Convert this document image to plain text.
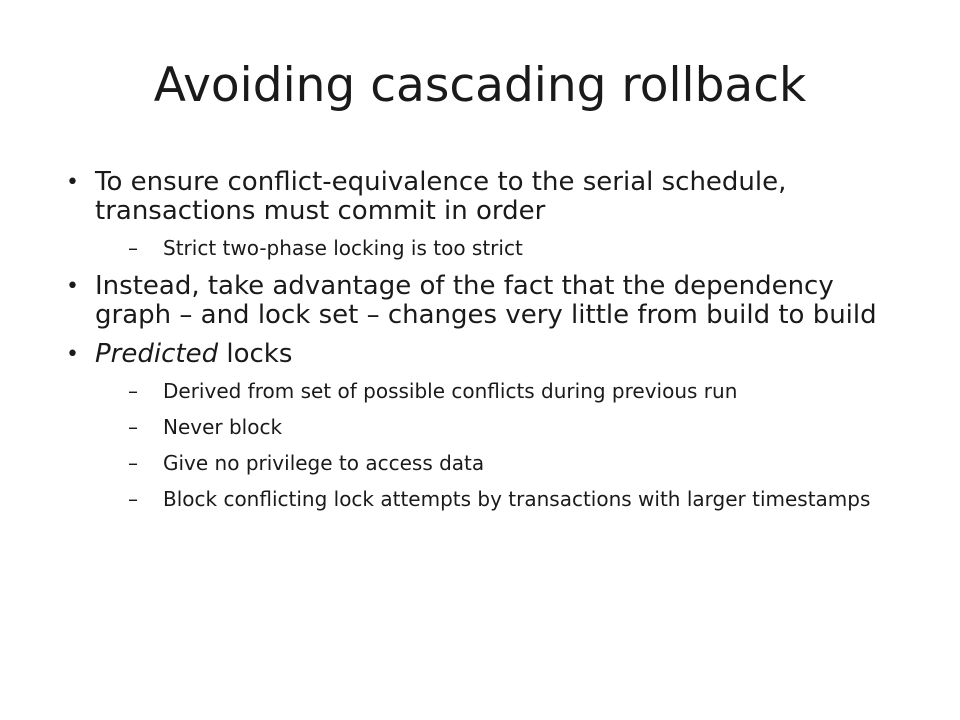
Avoiding cascading rollback
• To ensure conflict-equivalence to the serial schedule, transactions must commit in order
– Strict two-phase locking is too strict
• Instead, take advantage of the fact that the dependency graph – and lock set – changes very little from build to build
• Predicted locks
– Derived from set of possible conflicts during previous run
– Never block
– Give no privilege to access data
– Block conflicting lock attempts by transactions with larger timestamps
